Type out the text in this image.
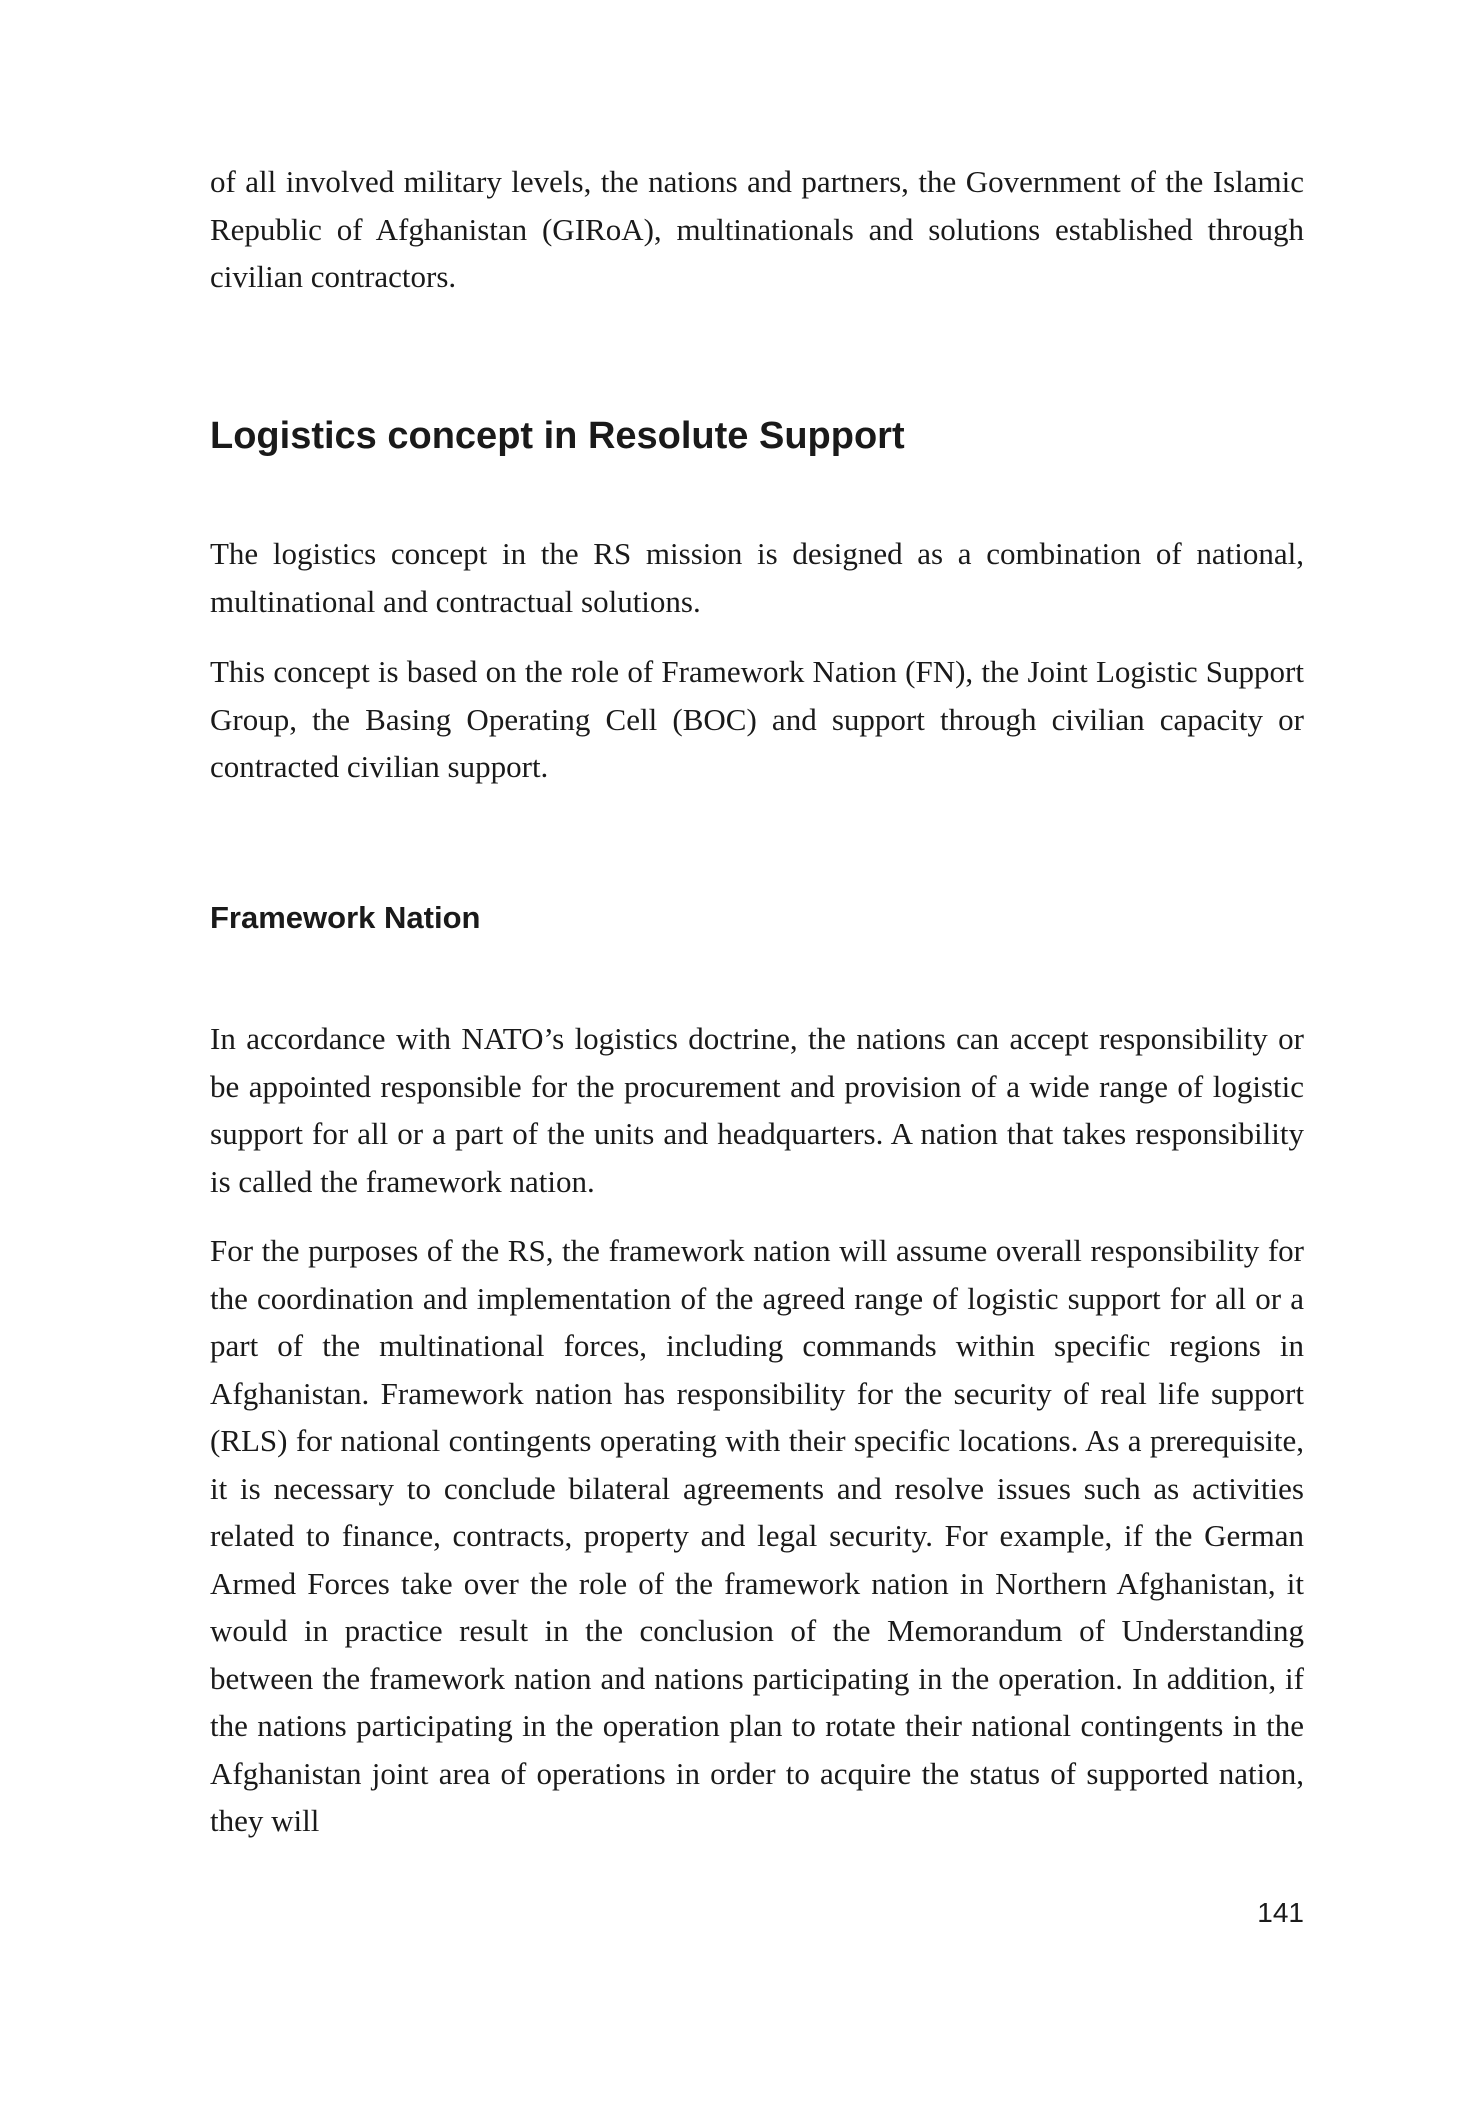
of all involved military levels, the nations and partners, the Government of the Islamic Republic of Afghanistan (GIRoA), multinationals and solutions established through civilian contractors.

Logistics concept in Resolute Support

The logistics concept in the RS mission is designed as a combination of national, multinational and contractual solutions.

This concept is based on the role of Framework Nation (FN), the Joint Logistic Support Group, the Basing Operating Cell (BOC) and support through civilian capacity or contracted civilian support.

Framework Nation

In accordance with NATO’s logistics doctrine, the nations can accept responsibility or be appointed responsible for the procurement and provision of a wide range of logistic support for all or a part of the units and headquarters. A nation that takes responsibility is called the framework nation.

For the purposes of the RS, the framework nation will assume overall responsibility for the coordination and implementation of the agreed range of logistic support for all or a part of the multinational forces, including commands within specific regions in Afghanistan. Framework nation has responsibility for the security of real life support (RLS) for national contingents operating with their specific locations. As a prerequisite, it is necessary to conclude bilateral agreements and resolve issues such as activities related to finance, contracts, property and legal security. For example, if the German Armed Forces take over the role of the framework nation in Northern Afghanistan, it would in practice result in the conclusion of the Memorandum of Understanding between the framework nation and nations participating in the operation. In addition, if the nations participating in the operation plan to rotate their national contingents in the Afghanistan joint area of operations in order to acquire the status of supported nation, they will

141
